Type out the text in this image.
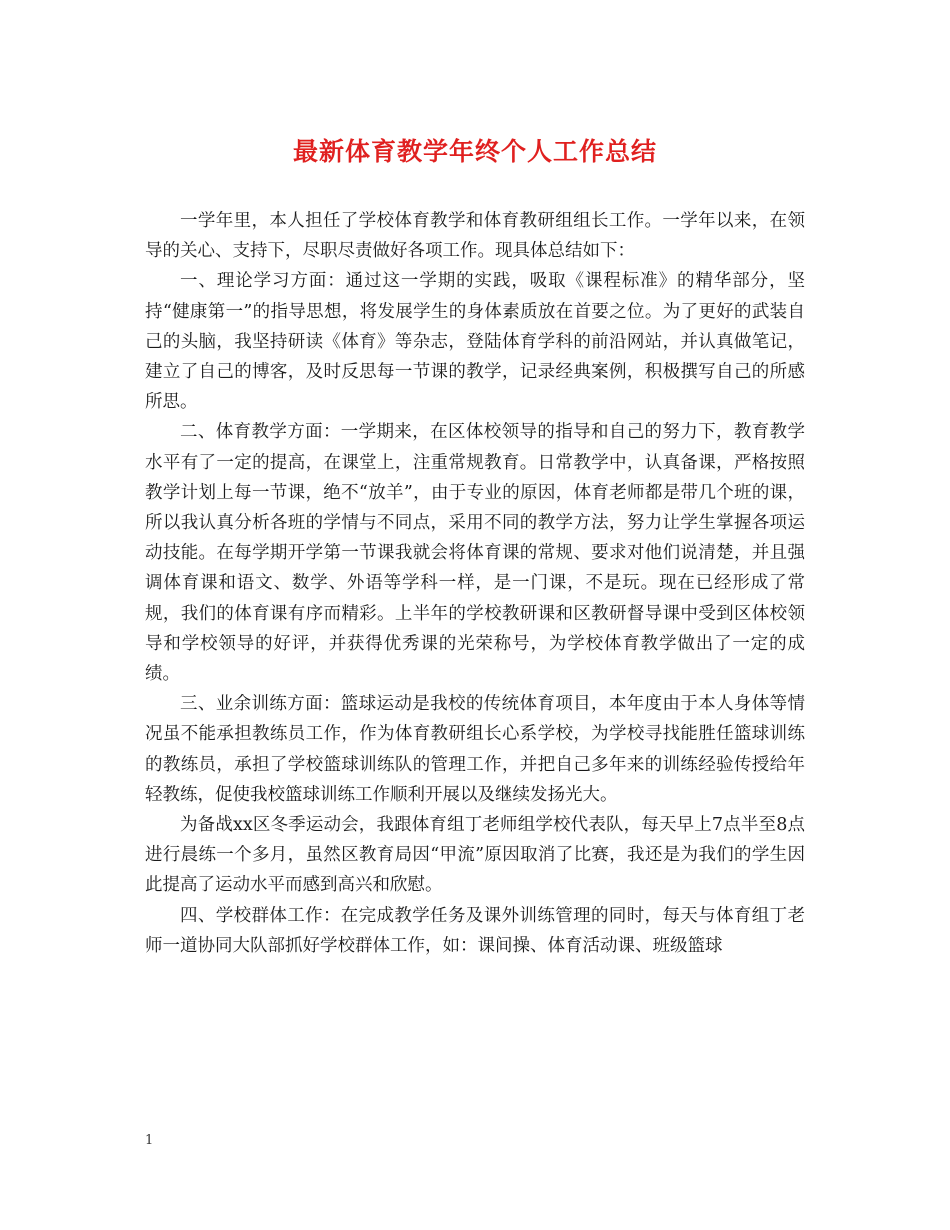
最新体育教学年终个人工作总结

一学年里，本人担任了学校体育教学和体育教研组组长工作。一学年以来，在领导的关心、支持下，尽职尽责做好各项工作。现具体总结如下：

一、理论学习方面：通过这一学期的实践，吸取《课程标准》的精华部分，坚持“健康第一”的指导思想，将发展学生的身体素质放在首要之位。为了更好的武装自己的头脑，我坚持研读《体育》等杂志，登陆体育学科的前沿网站，并认真做笔记，建立了自己的博客，及时反思每一节课的教学，记录经典案例，积极撰写自己的所感所思。

二、体育教学方面：一学期来，在区体校领导的指导和自己的努力下，教育教学水平有了一定的提高，在课堂上，注重常规教育。日常教学中，认真备课，严格按照教学计划上每一节课，绝不“放羊”，由于专业的原因，体育老师都是带几个班的课，所以我认真分析各班的学情与不同点，采用不同的教学方法，努力让学生掌握各项运动技能。在每学期开学第一节课我就会将体育课的常规、要求对他们说清楚，并且强调体育课和语文、数学、外语等学科一样，是一门课，不是玩。现在已经形成了常规，我们的体育课有序而精彩。上半年的学校教研课和区教研督导课中受到区体校领导和学校领导的好评，并获得优秀课的光荣称号，为学校体育教学做出了一定的成绩。

三、业余训练方面：篮球运动是我校的传统体育项目，本年度由于本人身体等情况虽不能承担教练员工作，作为体育教研组长心系学校，为学校寻找能胜任篮球训练的教练员，承担了学校篮球训练队的管理工作，并把自己多年来的训练经验传授给年轻教练，促使我校篮球训练工作顺利开展以及继续发扬光大。

为备战xx区冬季运动会，我跟体育组丁老师组学校代表队，每天早上7点半至8点进行晨练一个多月，虽然区教育局因“甲流”原因取消了比赛，我还是为我们的学生因此提高了运动水平而感到高兴和欣慰。

四、学校群体工作：在完成教学任务及课外训练管理的同时，每天与体育组丁老师一道协同大队部抓好学校群体工作，如：课间操、体育活动课、班级篮球

1
